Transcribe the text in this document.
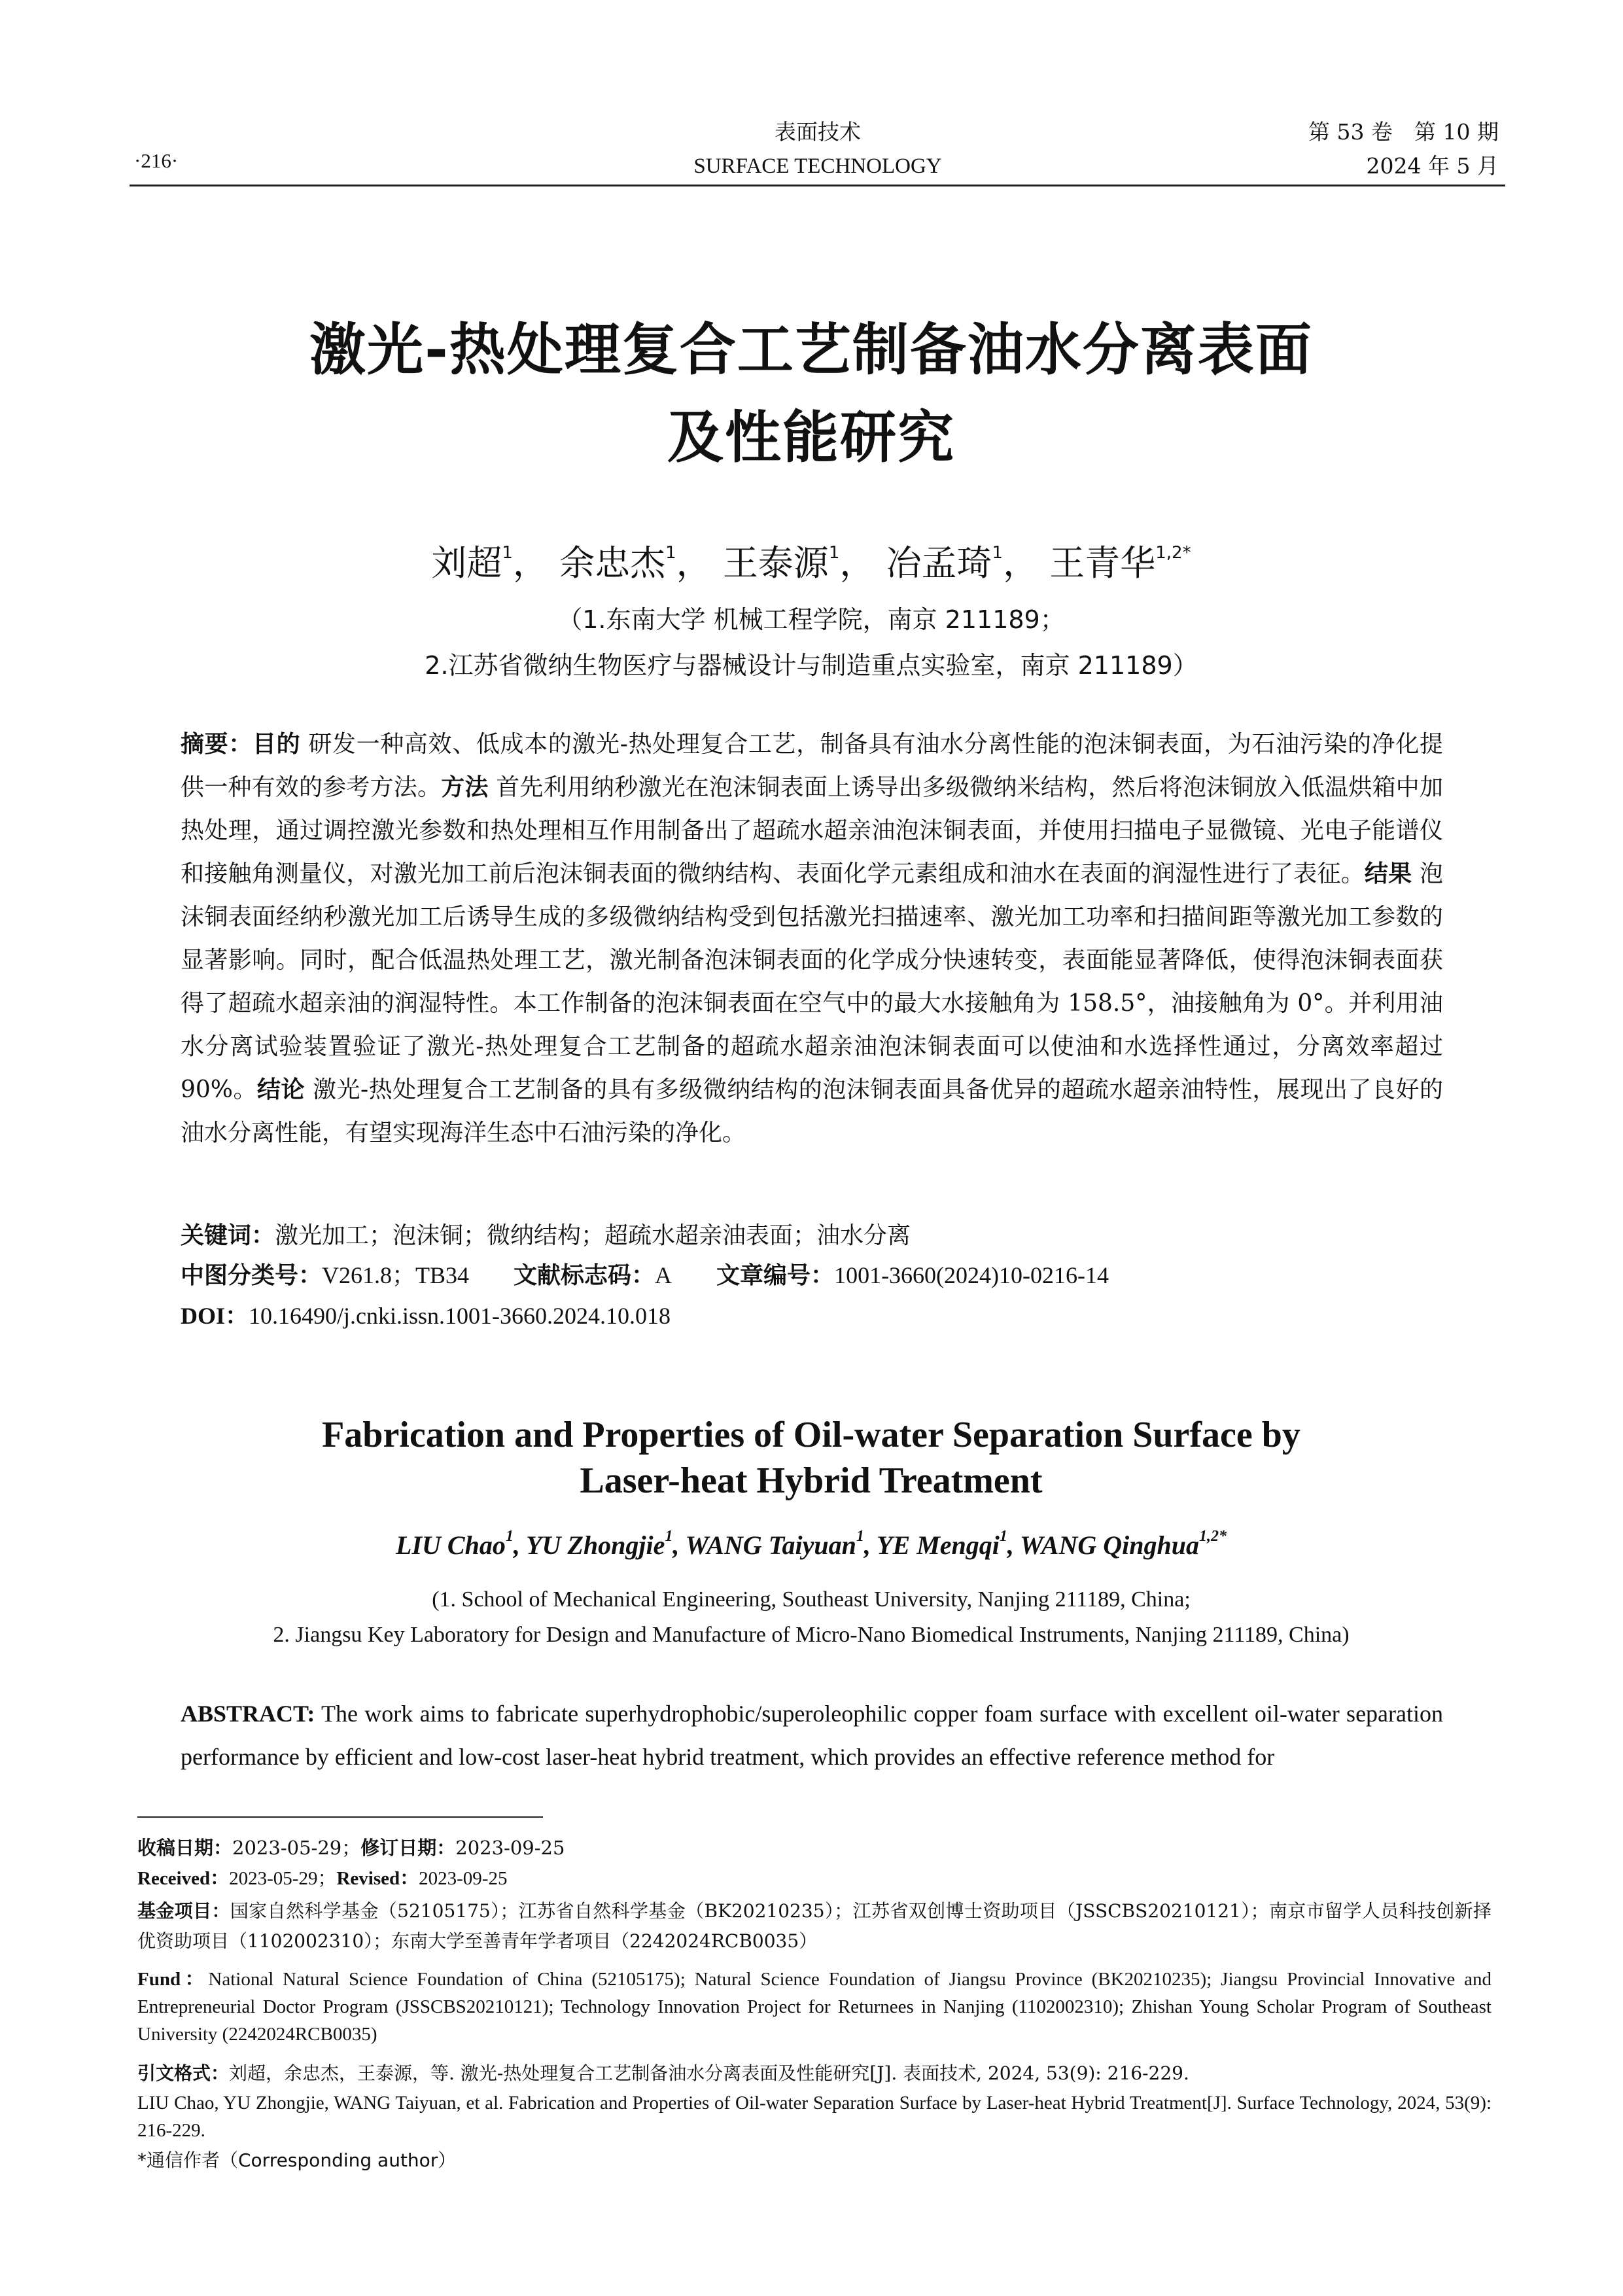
·216·
表面技术
SURFACE TECHNOLOGY
第 53 卷　第 10 期
2024 年 5 月
激光-热处理复合工艺制备油水分离表面
及性能研究
刘超$^1$， 余忠杰$^1$， 王泰源$^1$， 冶孟琦$^1$， 王青华$^{1,2*}$
（1.东南大学 机械工程学院，南京 211189；
2.江苏省微纳生物医疗与器械设计与制造重点实验室，南京 211189）
摘要：目的 研发一种高效、低成本的激光-热处理复合工艺，制备具有油水分离性能的泡沫铜表面，为石油污染的净化提供一种有效的参考方法。方法 首先利用纳秒激光在泡沫铜表面上诱导出多级微纳米结构，然后将泡沫铜放入低温烘箱中加热处理，通过调控激光参数和热处理相互作用制备出了超疏水超亲油泡沫铜表面，并使用扫描电子显微镜、光电子能谱仪和接触角测量仪，对激光加工前后泡沫铜表面的微纳结构、表面化学元素组成和油水在表面的润湿性进行了表征。结果 泡沫铜表面经纳秒激光加工后诱导生成的多级微纳结构受到包括激光扫描速率、激光加工功率和扫描间距等激光加工参数的显著影响。同时，配合低温热处理工艺，激光制备泡沫铜表面的化学成分快速转变，表面能显著降低，使得泡沫铜表面获得了超疏水超亲油的润湿特性。本工作制备的泡沫铜表面在空气中的最大水接触角为 158.5°，油接触角为 0°。并利用油水分离试验装置验证了激光-热处理复合工艺制备的超疏水超亲油泡沫铜表面可以使油和水选择性通过，分离效率超过 90%。结论 激光-热处理复合工艺制备的具有多级微纳结构的泡沫铜表面具备优异的超疏水超亲油特性，展现出了良好的油水分离性能，有望实现海洋生态中石油污染的净化。
关键词：激光加工；泡沫铜；微纳结构；超疏水超亲油表面；油水分离
中图分类号：V261.8；TB34 文献标志码：A 文章编号：1001-3660(2024)10-0216-14
DOI：10.16490/j.cnki.issn.1001-3660.2024.10.018
Fabrication and Properties of Oil-water Separation Surface by
Laser-heat Hybrid Treatment
LIU Chao$^1$, YU Zhongjie$^1$, WANG Taiyuan$^1$, YE Mengqi$^1$, WANG Qinghua$^{1,2*}$
(1. School of Mechanical Engineering, Southeast University, Nanjing 211189, China;
2. Jiangsu Key Laboratory for Design and Manufacture of Micro-Nano Biomedical Instruments, Nanjing 211189, China)
ABSTRACT: The work aims to fabricate superhydrophobic/superoleophilic copper foam surface with excellent oil-water separation performance by efficient and low-cost laser-heat hybrid treatment, which provides an effective reference method for
收稿日期：2023-05-29；修订日期：2023-09-25
Received：2023-05-29；Revised：2023-09-25
基金项目：国家自然科学基金（52105175）；江苏省自然科学基金（BK20210235）；江苏省双创博士资助项目（JSSCBS20210121）；南京市留学人员科技创新择优资助项目（1102002310）；东南大学至善青年学者项目（2242024RCB0035）
Fund：National Natural Science Foundation of China (52105175); Natural Science Foundation of Jiangsu Province (BK20210235); Jiangsu Provincial Innovative and Entrepreneurial Doctor Program (JSSCBS20210121); Technology Innovation Project for Returnees in Nanjing (1102002310); Zhishan Young Scholar Program of Southeast University (2242024RCB0035)
引文格式：刘超，余忠杰，王泰源，等. 激光-热处理复合工艺制备油水分离表面及性能研究[J]. 表面技术, 2024, 53(9): 216-229.
LIU Chao, YU Zhongjie, WANG Taiyuan, et al. Fabrication and Properties of Oil-water Separation Surface by Laser-heat Hybrid Treatment[J]. Surface Technology, 2024, 53(9): 216-229.
*通信作者（Corresponding author）
